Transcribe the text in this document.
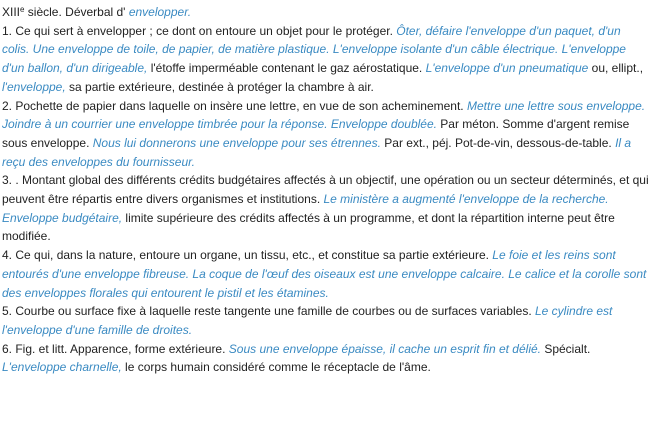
XIIIe siècle. Déverbal d' envelopper.
1. Ce qui sert à envelopper ; ce dont on entoure un objet pour le protéger. Ôter, défaire l'enveloppe d'un paquet, d'un colis. Une enveloppe de toile, de papier, de matière plastique. L'enveloppe isolante d'un câble électrique. L'enveloppe d'un ballon, d'un dirigeable, l'étoffe imperméable contenant le gaz aérostatique. L'enveloppe d'un pneumatique ou, ellipt., l'enveloppe, sa partie extérieure, destinée à protéger la chambre à air.
2. Pochette de papier dans laquelle on insère une lettre, en vue de son acheminement. Mettre une lettre sous enveloppe. Joindre à un courrier une enveloppe timbrée pour la réponse. Enveloppe doublée. Par méton. Somme d'argent remise sous enveloppe. Nous lui donnerons une enveloppe pour ses étrennes. Par ext., péj. Pot-de-vin, dessous-de-table. Il a reçu des enveloppes du fournisseur.
3. . Montant global des différents crédits budgétaires affectés à un objectif, une opération ou un secteur déterminés, et qui peuvent être répartis entre divers organismes et institutions. Le ministère a augmenté l'enveloppe de la recherche. Enveloppe budgétaire, limite supérieure des crédits affectés à un programme, et dont la répartition interne peut être modifiée.
4. Ce qui, dans la nature, entoure un organe, un tissu, etc., et constitue sa partie extérieure. Le foie et les reins sont entourés d'une enveloppe fibreuse. La coque de l'œuf des oiseaux est une enveloppe calcaire. Le calice et la corolle sont des enveloppes florales qui entourent le pistil et les étamines.
5. Courbe ou surface fixe à laquelle reste tangente une famille de courbes ou de surfaces variables. Le cylindre est l'enveloppe d'une famille de droites.
6. Fig. et litt. Apparence, forme extérieure. Sous une enveloppe épaisse, il cache un esprit fin et délié. Spécialt. L'enveloppe charnelle, le corps humain considéré comme le réceptacle de l'âme.
